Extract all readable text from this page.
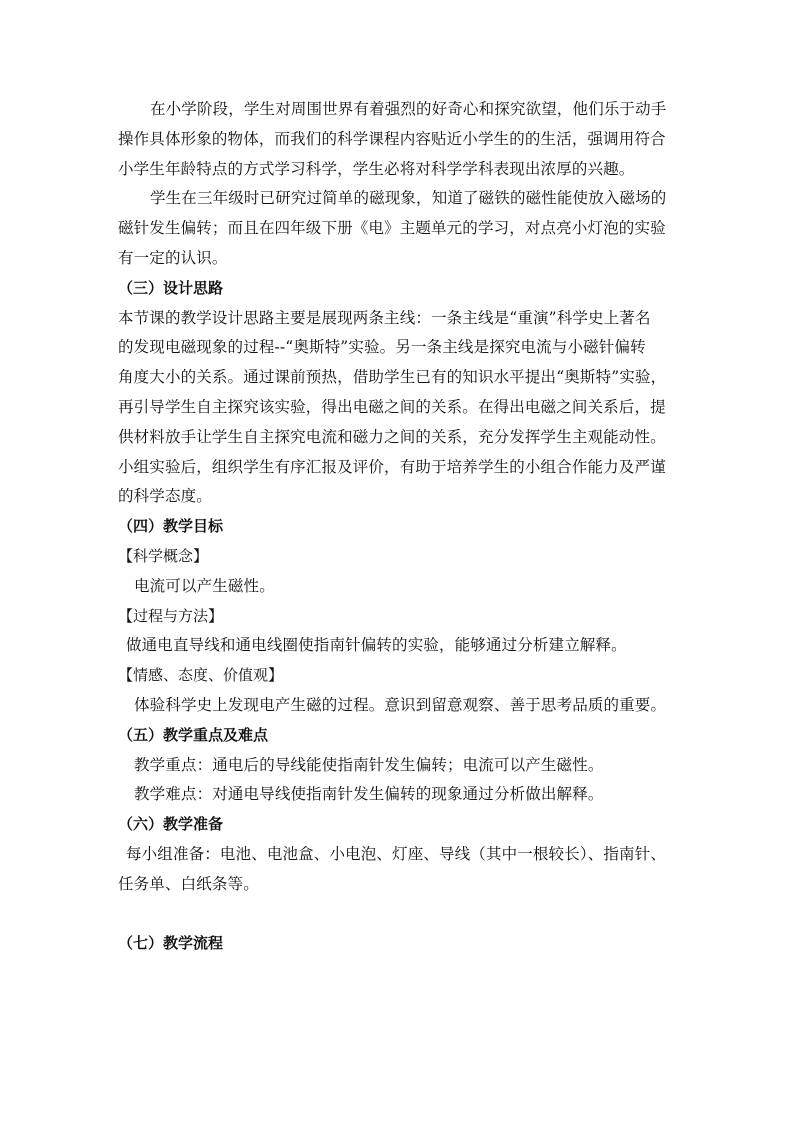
在小学阶段，学生对周围世界有着强烈的好奇心和探究欲望，他们乐于动手
操作具体形象的物体，而我们的科学课程内容贴近小学生的的生活，强调用符合
小学生年龄特点的方式学习科学，学生必将对科学学科表现出浓厚的兴趣。
学生在三年级时已研究过简单的磁现象，知道了磁铁的磁性能使放入磁场的
磁针发生偏转；而且在四年级下册《电》主题单元的学习，对点亮小灯泡的实验
有一定的认识。
（三）设计思路
本节课的教学设计思路主要是展现两条主线：一条主线是“重演”科学史上著名
的发现电磁现象的过程--“奥斯特”实验。另一条主线是探究电流与小磁针偏转
角度大小的关系。通过课前预热，借助学生已有的知识水平提出“奥斯特”实验，
再引导学生自主探究该实验，得出电磁之间的关系。在得出电磁之间关系后，提
供材料放手让学生自主探究电流和磁力之间的关系，充分发挥学生主观能动性。
小组实验后，组织学生有序汇报及评价，有助于培养学生的小组合作能力及严谨
的科学态度。
（四）教学目标
【科学概念】
电流可以产生磁性。
【过程与方法】
做通电直导线和通电线圈使指南针偏转的实验，能够通过分析建立解释。
【情感、态度、价值观】
体验科学史上发现电产生磁的过程。意识到留意观察、善于思考品质的重要。
（五）教学重点及难点
教学重点：通电后的导线能使指南针发生偏转；电流可以产生磁性。
教学难点：对通电导线使指南针发生偏转的现象通过分析做出解释。
（六）教学准备
每小组准备：电池、电池盒、小电泡、灯座、导线（其中一根较长）、指南针、
任务单、白纸条等。
（七）教学流程
